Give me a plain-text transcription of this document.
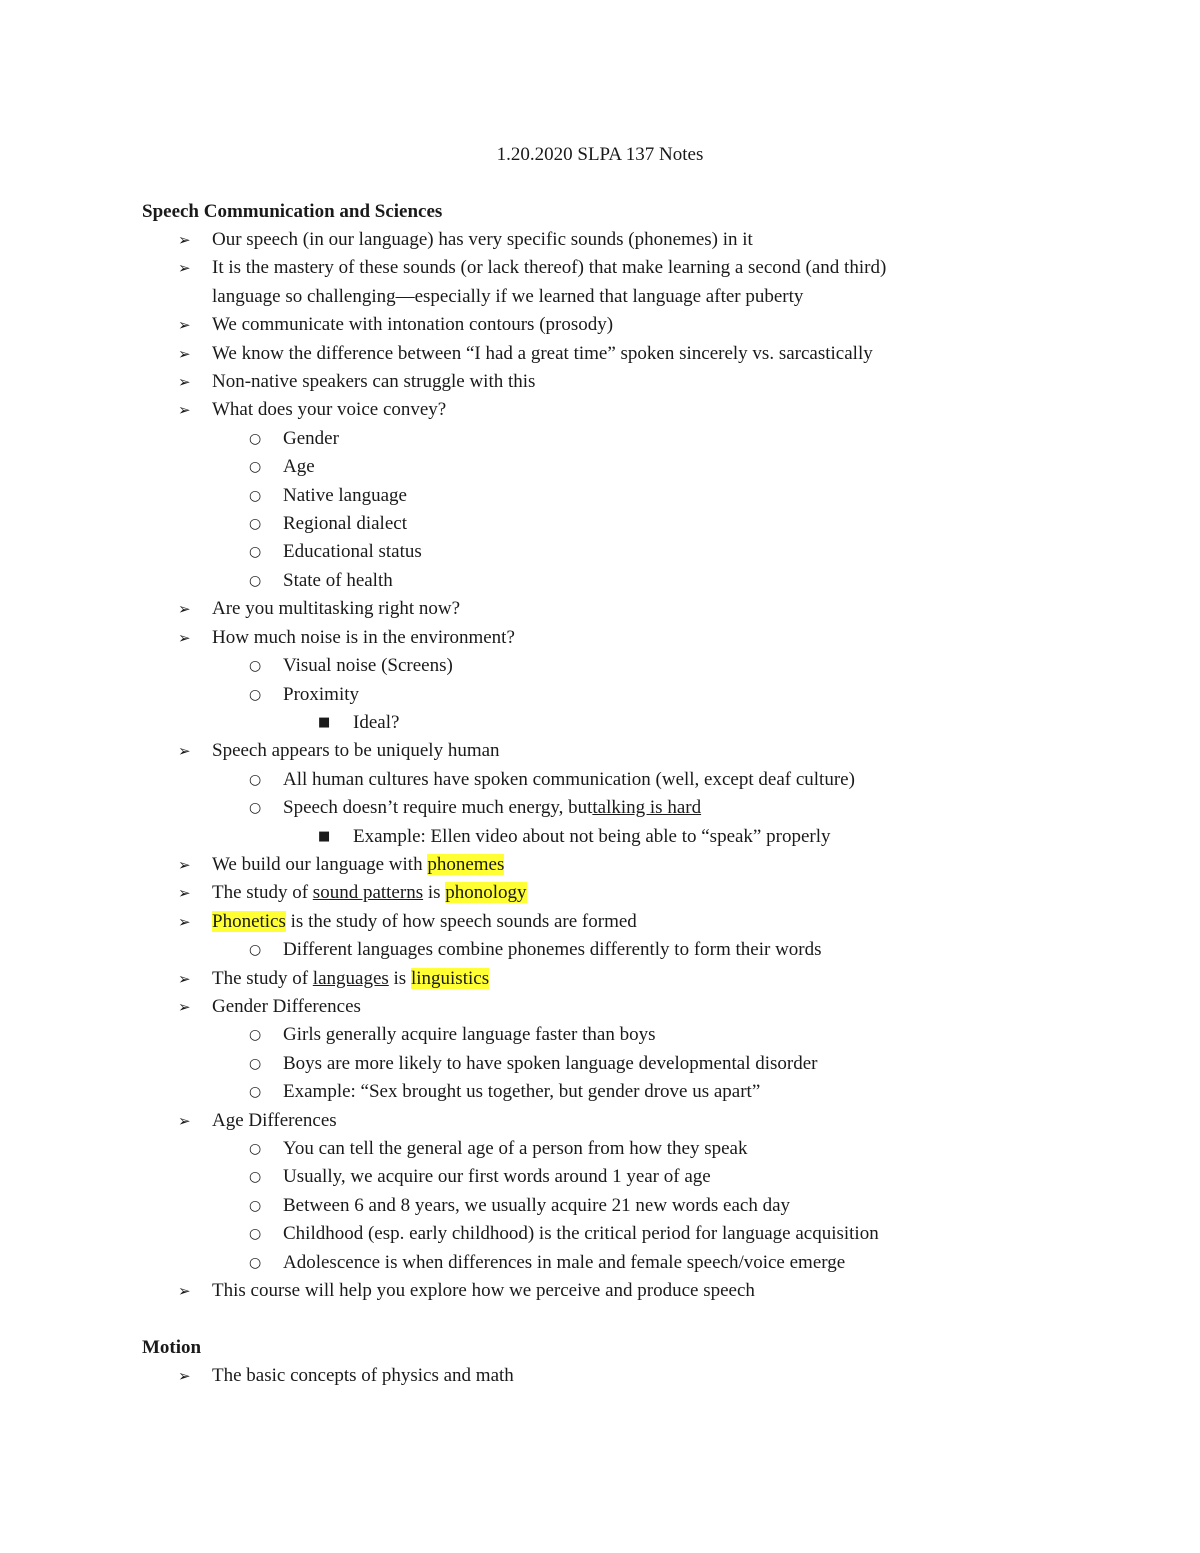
1.20.2020 SLPA 137 Notes
Speech Communication and Sciences
➢ Our speech (in our language) has very specific sounds (phonemes) in it
➢ It is the mastery of these sounds (or lack thereof) that make learning a second (and third)
language so challenging—especially if we learned that language after puberty
➢ We communicate with intonation contours (prosody)
➢ We know the difference between “I had a great time” spoken sincerely vs. sarcastically
➢ Non-native speakers can struggle with this
➢ What does your voice convey?
○ Gender
○ Age
○ Native language
○ Regional dialect
○ Educational status
○ State of health
➢ Are you multitasking right now?
➢ How much noise is in the environment?
○ Visual noise (Screens)
○ Proximity
■ Ideal?
➢ Speech appears to be uniquely human
○ All human cultures have spoken communication (well, except deaf culture)
○ Speech doesn’t require much energy, buttalking is hard
■ Example: Ellen video about not being able to “speak” properly
➢ We build our language with phonemes
➢ The study of sound patterns is phonology
➢ Phonetics is the study of how speech sounds are formed
○ Different languages combine phonemes differently to form their words
➢ The study of languages is linguistics
➢ Gender Differences
○ Girls generally acquire language faster than boys
○ Boys are more likely to have spoken language developmental disorder
○ Example: “Sex brought us together, but gender drove us apart”
➢ Age Differences
○ You can tell the general age of a person from how they speak
○ Usually, we acquire our first words around 1 year of age
○ Between 6 and 8 years, we usually acquire 21 new words each day
○ Childhood (esp. early childhood) is the critical period for language acquisition
○ Adolescence is when differences in male and female speech/voice emerge
➢ This course will help you explore how we perceive and produce speech
Motion
➢ The basic concepts of physics and math
